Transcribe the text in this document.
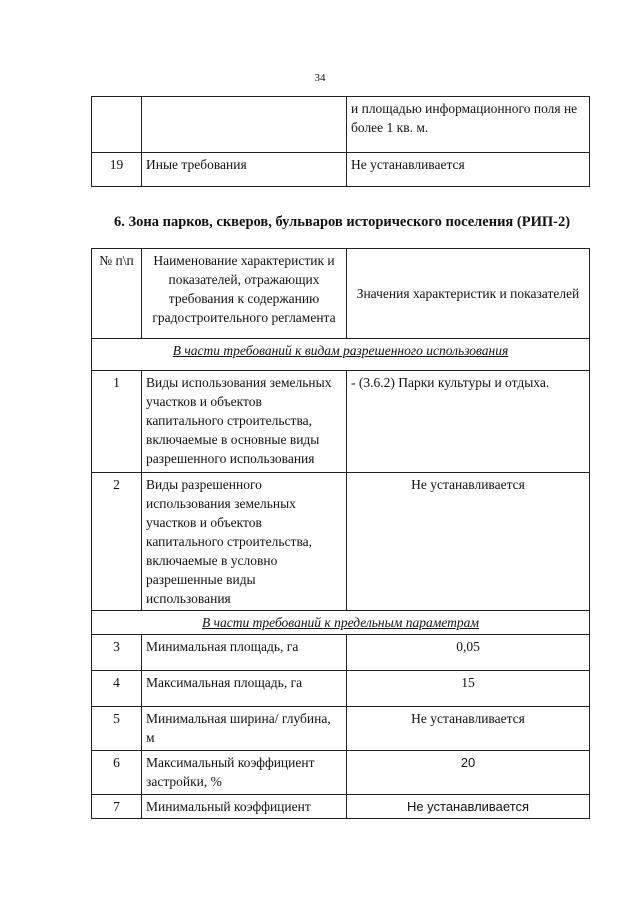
34
		и площадью информационного поля не более 1 кв. м.
19	Иные требования	Не устанавливается
6. Зона парков, скверов, бульваров исторического поселения (РИП-2)
№ п\п	Наименование характеристик и показателей, отражающих требования к содержанию градостроительного регламента	Значения характеристик и показателей
В части требований к видам разрешенного использования		
1	Виды использования земельных участков и объектов капитального строительства, включаемые в основные виды разрешенного использования	- (3.6.2) Парки культуры и отдыха.
2	Виды разрешенного использования земельных участков и объектов капитального строительства, включаемые в условно разрешенные виды использования	Не устанавливается
В части требований к предельным параметрам		
3	Минимальная площадь, га	0,05
4	Максимальная площадь, га	15
5	Минимальная ширина/ глубина, м	Не устанавливается
6	Максимальный коэффициент застройки, %	20
7	Минимальный коэффициент	Не устанавливается
